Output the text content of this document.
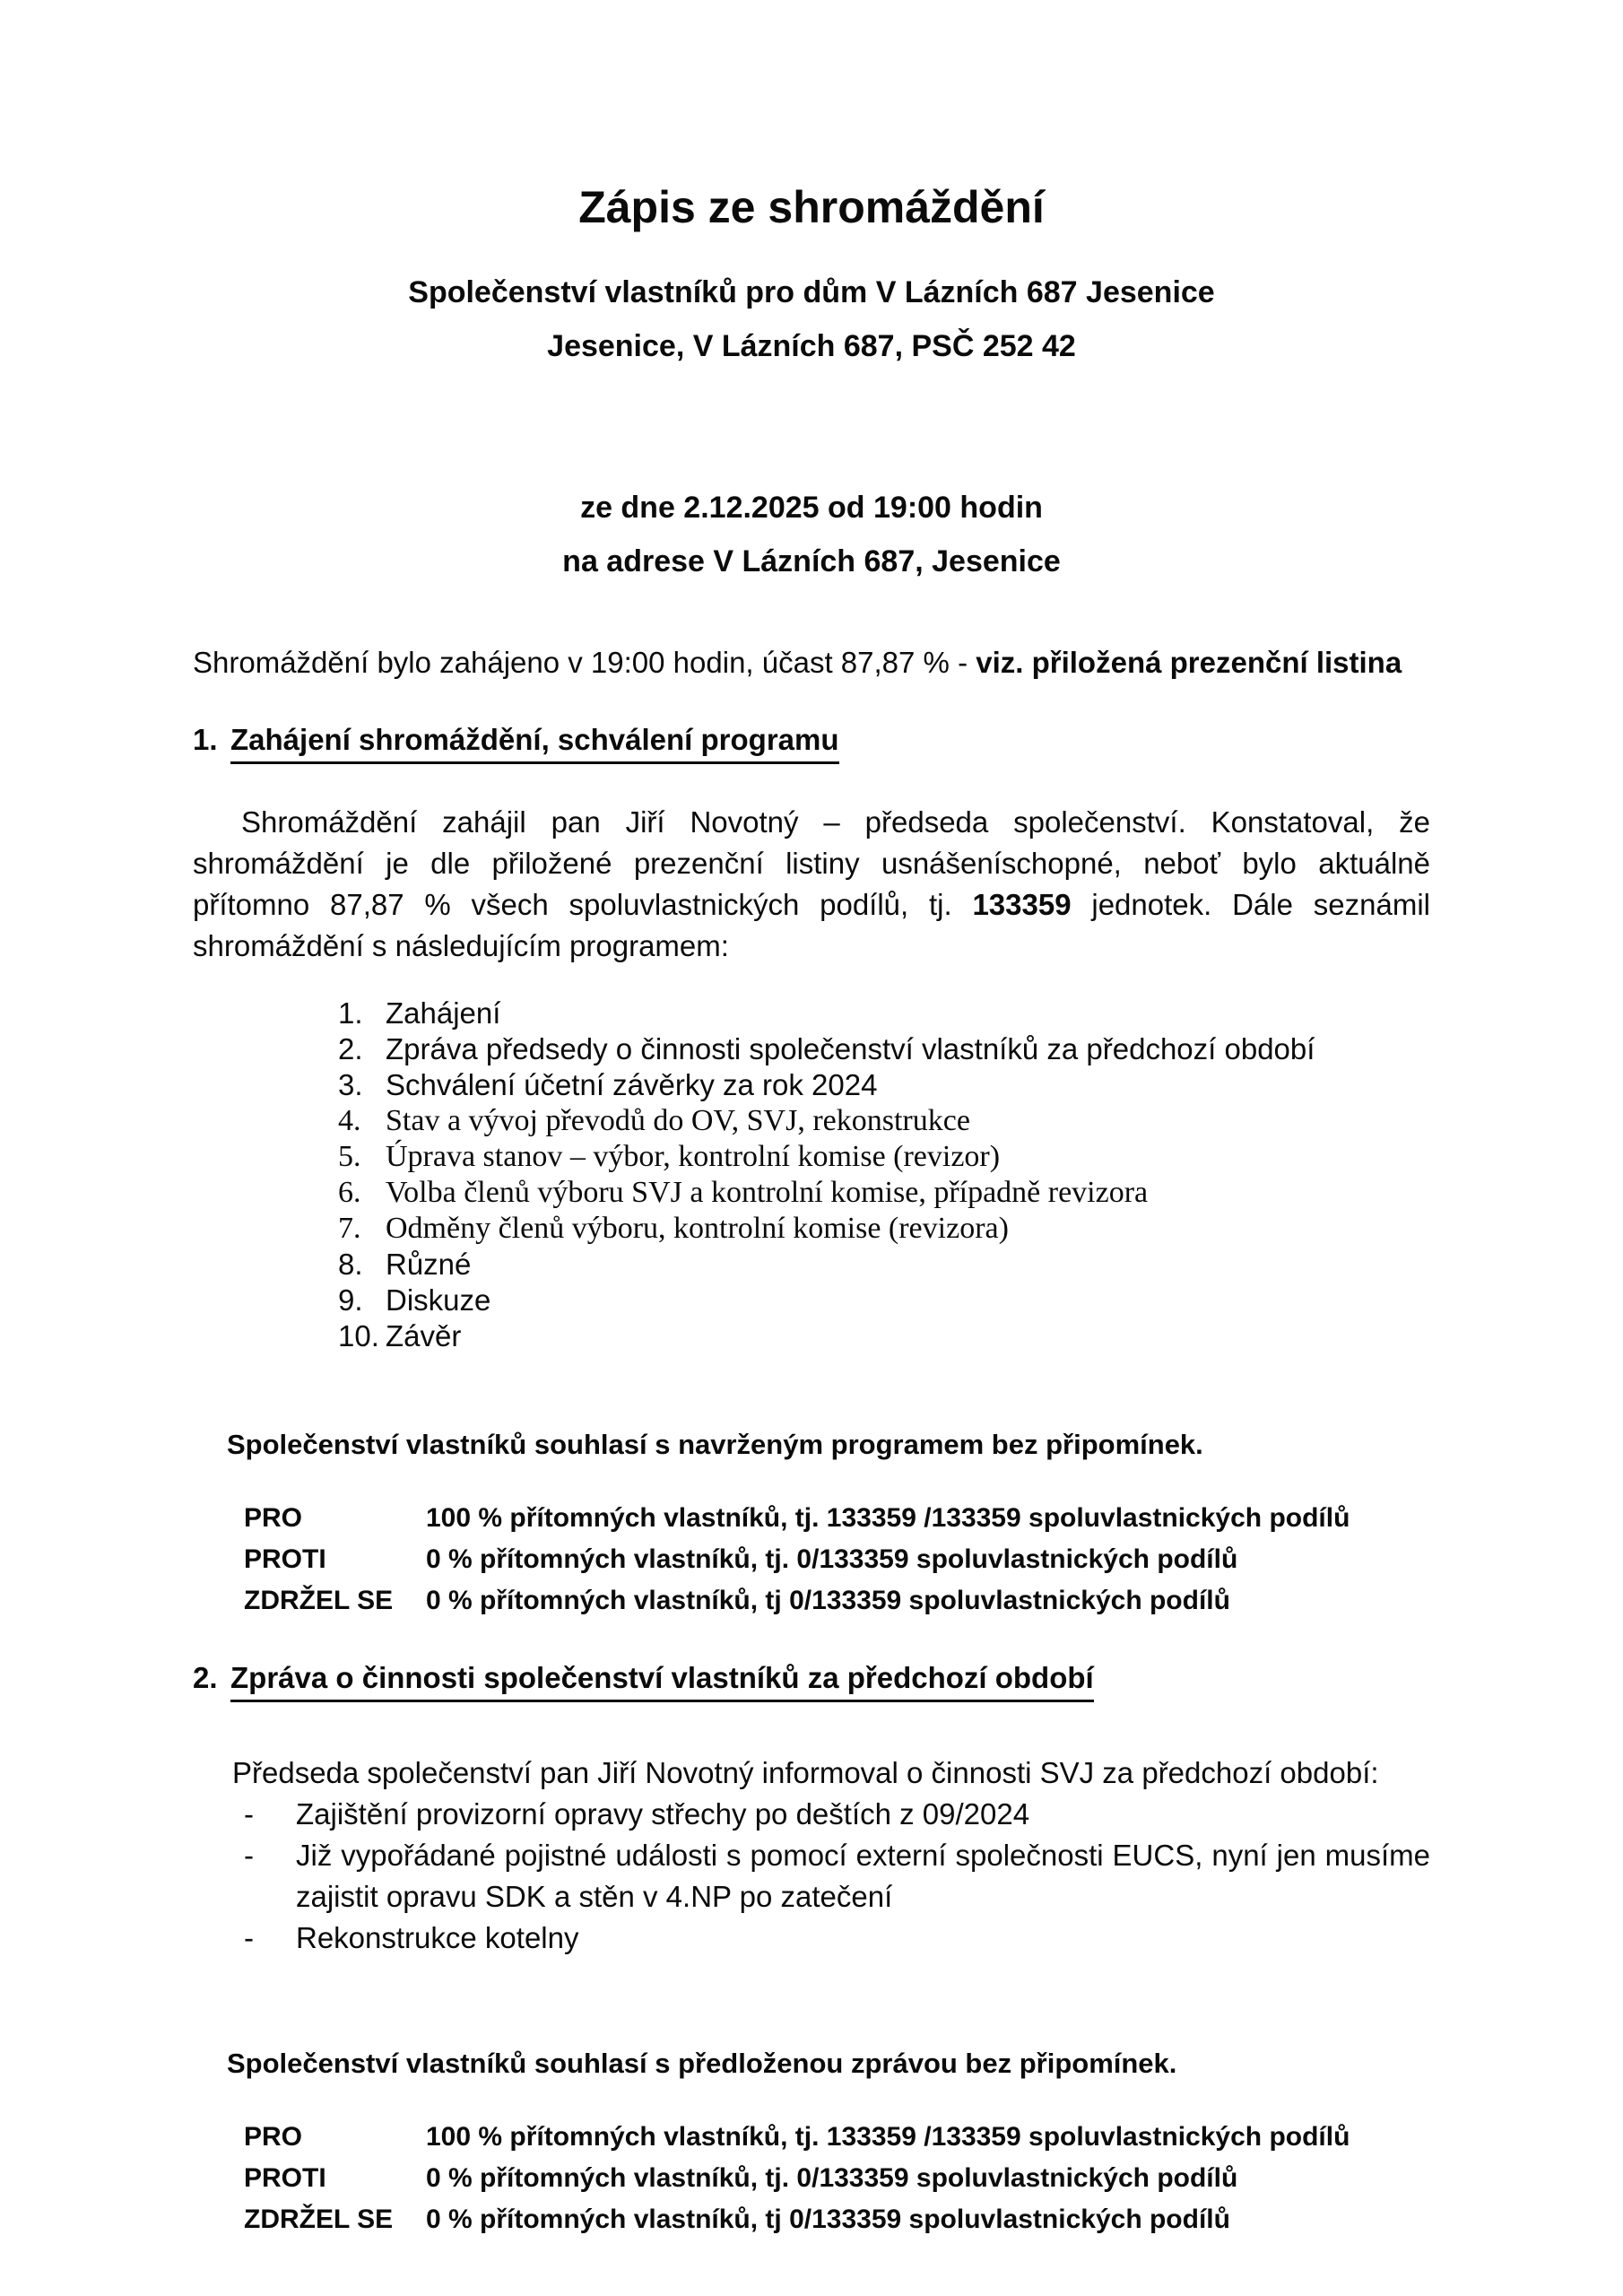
Zápis ze shromáždění
Společenství vlastníků pro dům V Lázních 687 Jesenice
Jesenice, V Lázních 687, PSČ 252 42
ze dne 2.12.2025 od 19:00 hodin
na adrese V Lázních 687, Jesenice

Shromáždění bylo zahájeno v 19:00 hodin, účast 87,87 % - viz. přiložená prezenční listina

1. Zahájení shromáždění, schválení programu

Shromáždění zahájil pan Jiří Novotný – předseda společenství. Konstatoval, že shromáždění je dle přiložené prezenční listiny usnášeníschopné, neboť bylo aktuálně přítomno 87,87 % všech spoluvlastnických podílů, tj. 133359 jednotek. Dále seznámil shromáždění s následujícím programem:

1. Zahájení
2. Zpráva předsedy o činnosti společenství vlastníků za předchozí období
3. Schválení účetní závěrky za rok 2024
4. Stav a vývoj převodů do OV, SVJ, rekonstrukce
5. Úprava stanov – výbor, kontrolní komise (revizor)
6. Volba členů výboru SVJ a kontrolní komise, případně revizora
7. Odměny členů výboru, kontrolní komise (revizora)
8. Různé
9. Diskuze
10. Závěr

Společenství vlastníků souhlasí s navrženým programem bez připomínek.

PRO	100 % přítomných vlastníků, tj. 133359 /133359 spoluvlastnických podílů
PROTI	0 % přítomných vlastníků, tj. 0/133359 spoluvlastnických podílů
ZDRŽEL SE	0 % přítomných vlastníků, tj 0/133359 spoluvlastnických podílů
2. Zpráva o činnosti společenství vlastníků za předchozí období

Předseda společenství pan Jiří Novotný informoval o činnosti SVJ za předchozí období:

- Zajištění provizorní opravy střechy po deštích z 09/2024
- Již vypořádané pojistné události s pomocí externí společnosti EUCS, nyní jen musíme zajistit opravu SDK a stěn v 4.NP po zatečení
- Rekonstrukce kotelny

Společenství vlastníků souhlasí s předloženou zprávou bez připomínek.

PRO	100 % přítomných vlastníků, tj. 133359 /133359 spoluvlastnických podílů
PROTI	0 % přítomných vlastníků, tj. 0/133359 spoluvlastnických podílů
ZDRŽEL SE	0 % přítomných vlastníků, tj 0/133359 spoluvlastnických podílů
